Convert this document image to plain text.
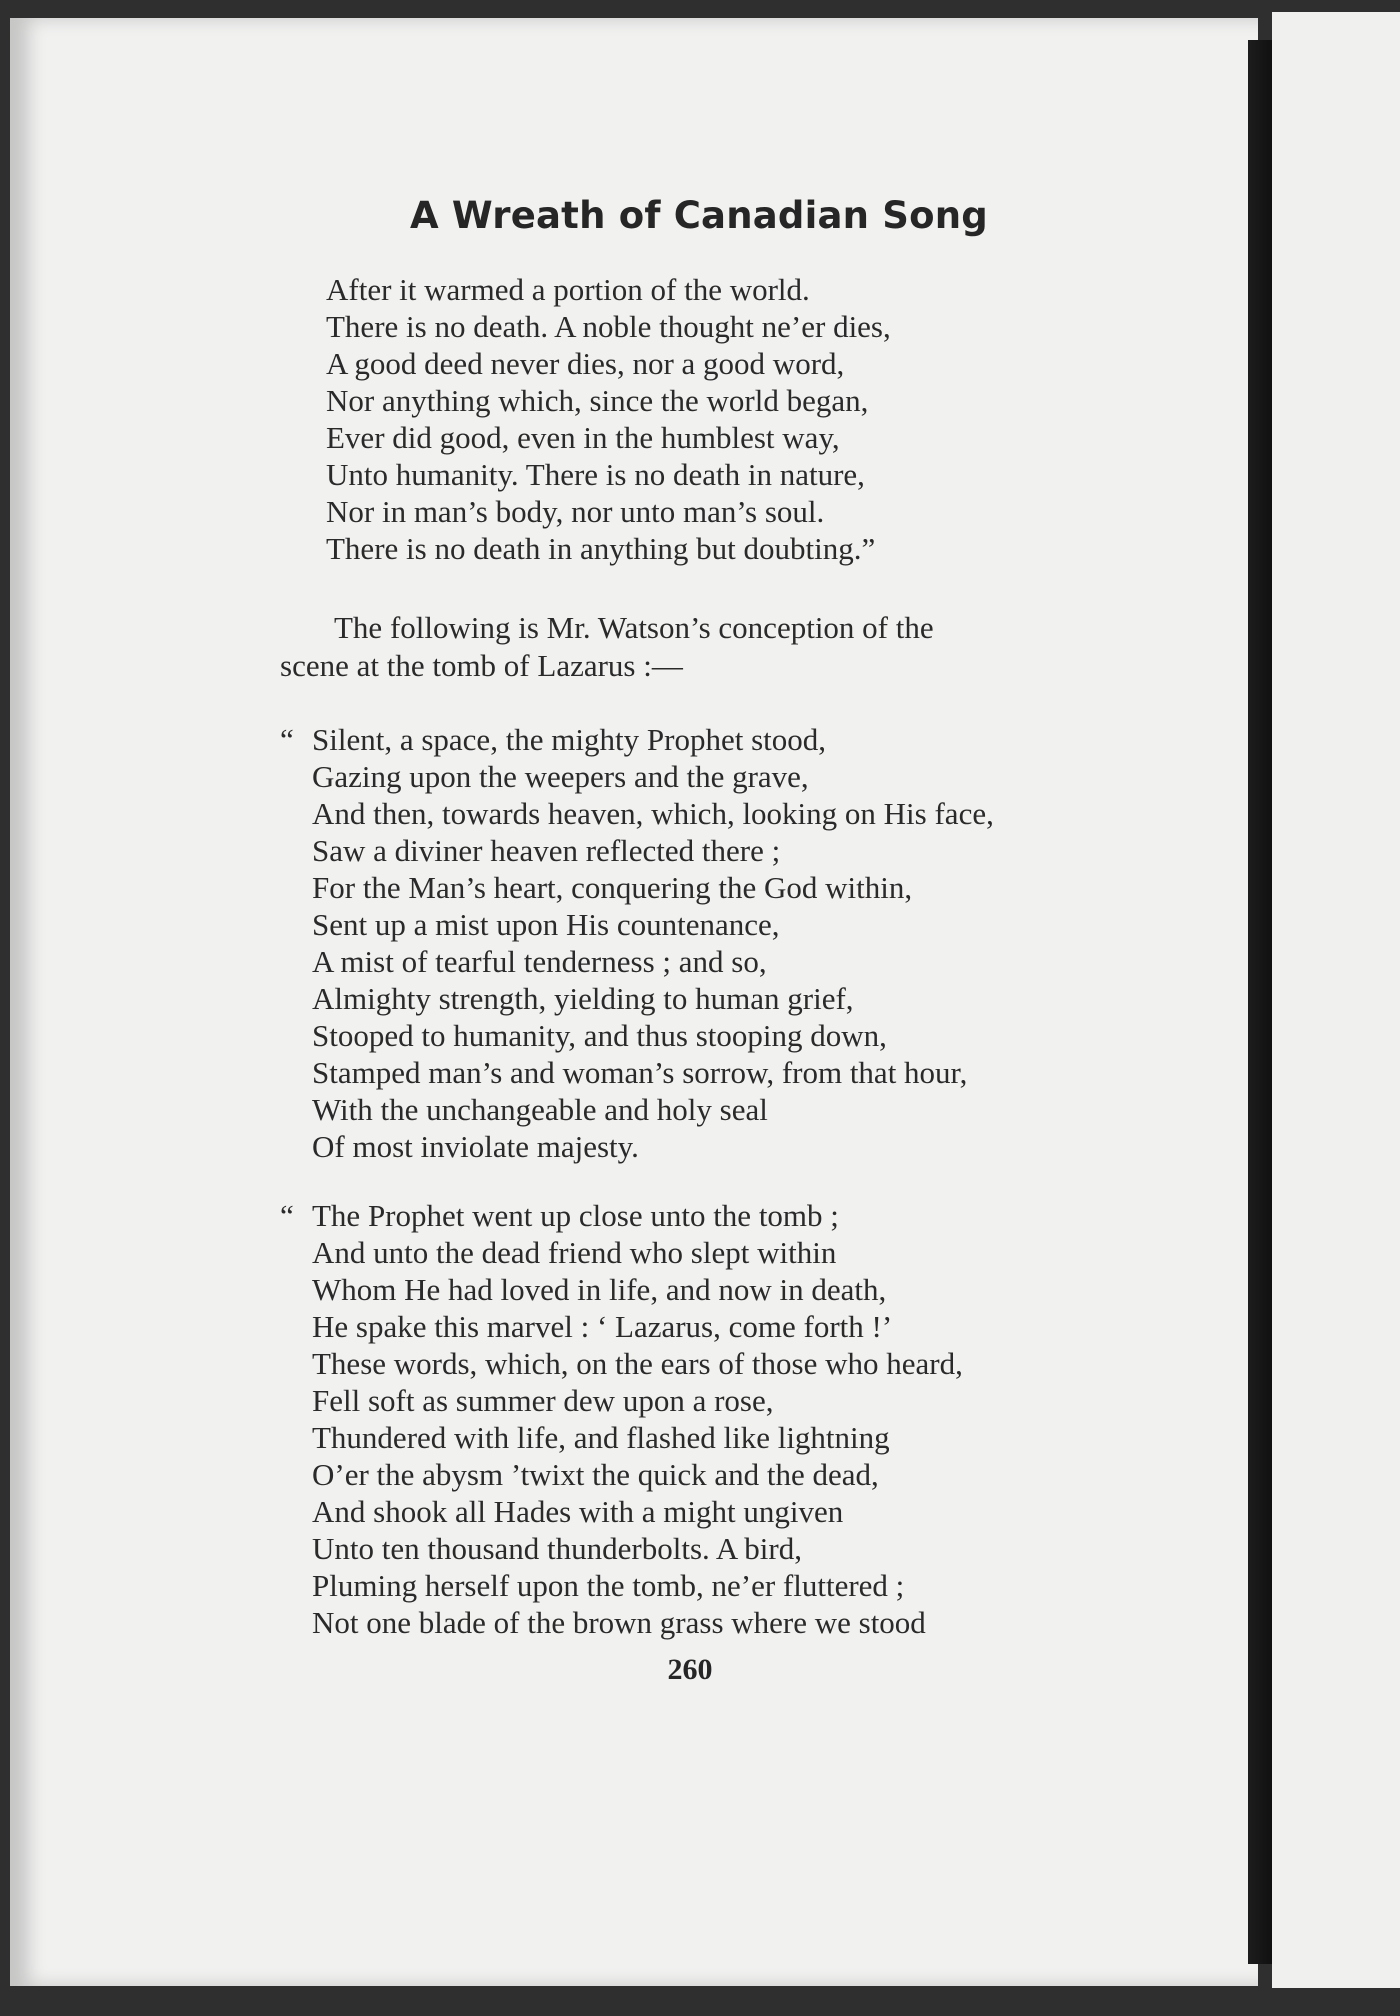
A Wreath of Canadian Song
After it warmed a portion of the world.
There is no death. A noble thought ne’er dies,
A good deed never dies, nor a good word,
Nor anything which, since the world began,
Ever did good, even in the humblest way,
Unto humanity. There is no death in nature,
Nor in man’s body, nor unto man’s soul.
There is no death in anything but doubting.”
The following is Mr. Watson’s conception of the
scene at the tomb of Lazarus :—
“ Silent, a space, the mighty Prophet stood,
Gazing upon the weepers and the grave,
And then, towards heaven, which, looking on His face,
Saw a diviner heaven reflected there ;
For the Man’s heart, conquering the God within,
Sent up a mist upon His countenance,
A mist of tearful tenderness ; and so,
Almighty strength, yielding to human grief,
Stooped to humanity, and thus stooping down,
Stamped man’s and woman’s sorrow, from that hour,
With the unchangeable and holy seal
Of most inviolate majesty.
“ The Prophet went up close unto the tomb ;
And unto the dead friend who slept within
Whom He had loved in life, and now in death,
He spake this marvel : ‘ Lazarus, come forth !’
These words, which, on the ears of those who heard,
Fell soft as summer dew upon a rose,
Thundered with life, and flashed like lightning
O’er the abysm ’twixt the quick and the dead,
And shook all Hades with a might ungiven
Unto ten thousand thunderbolts. A bird,
Pluming herself upon the tomb, ne’er fluttered ;
Not one blade of the brown grass where we stood
260
